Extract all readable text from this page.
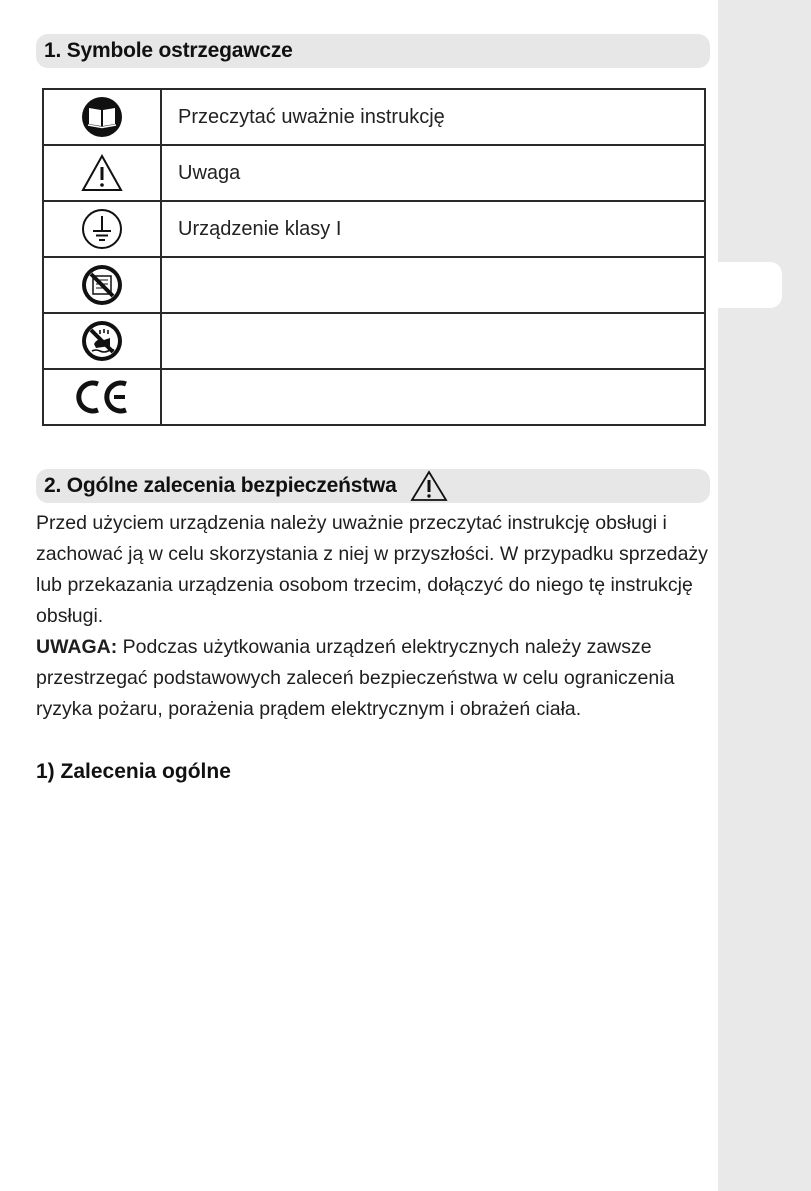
1. Symbole ostrzegawcze
	Przeczytać uważnie instrukcję

	Uwaga

	Urządzenie klasy I

2. Ogólne zalecenia bezpieczeństwa

Przed użyciem urządzenia należy uważnie przeczytać instrukcję obsługi i zachować ją w celu skorzystania z niej w przyszłości. W przypadku sprzedaży lub przekazania urządzenia osobom trzecim, dołączyć do niego tę instrukcję obsługi.

UWAGA: Podczas użytkowania urządzeń elektrycznych należy zawsze przestrzegać podstawowych zaleceń bezpieczeństwa w celu ograniczenia ryzyka pożaru, porażenia prądem elektrycznym i obrażeń ciała.

1) Zalecenia ogólne
